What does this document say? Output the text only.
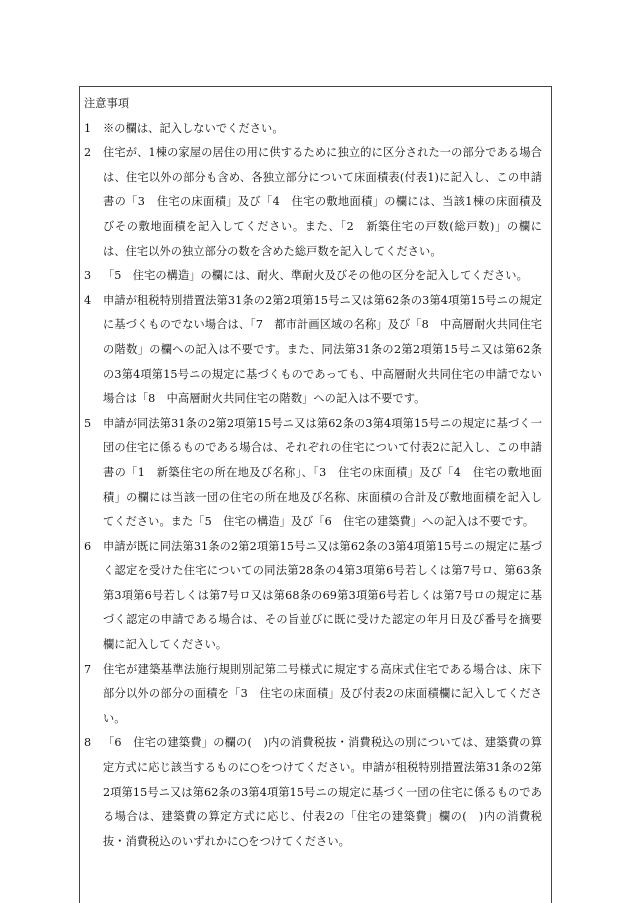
注意事項
1	※の欄は、記入しないでください。
2	住宅が、1棟の家屋の居住の用に供するために独立的に区分された一の部分である場合は、住宅以外の部分も含め、各独立部分について床面積表(付表1)に記入し、この申請書の「3　住宅の床面積」及び「4　住宅の敷地面積」の欄には、当該1棟の床面積及びその敷地面積を記入してください。また、「2　新築住宅の戸数(総戸数)」の欄には、住宅以外の独立部分の数を含めた総戸数を記入してください。
3	「5　住宅の構造」の欄には、耐火、準耐火及びその他の区分を記入してください。
4	申請が租税特別措置法第31条の2第2項第15号ニ又は第62条の3第4項第15号ニの規定に基づくものでない場合は、「7　都市計画区域の名称」及び「8　中高層耐火共同住宅の階数」の欄への記入は不要です。また、同法第31条の2第2項第15号ニ又は第62条の3第4項第15号ニの規定に基づくものであっても、中高層耐火共同住宅の申請でない場合は「8　中高層耐火共同住宅の階数」への記入は不要です。
5	申請が同法第31条の2第2項第15号ニ又は第62条の3第4項第15号ニの規定に基づく一団の住宅に係るものである場合は、それぞれの住宅について付表2に記入し、この申請書の「1　新築住宅の所在地及び名称」、「3　住宅の床面積」及び「4　住宅の敷地面積」の欄には当該一団の住宅の所在地及び名称、床面積の合計及び敷地面積を記入してください。また「5　住宅の構造」及び「6　住宅の建築費」への記入は不要です。
6	申請が既に同法第31条の2第2項第15号ニ又は第62条の3第4項第15号ニの規定に基づく認定を受けた住宅についての同法第28条の4第3項第6号若しくは第7号ロ、第63条第3項第6号若しくは第7号ロ又は第68条の69第3項第6号若しくは第7号ロの規定に基づく認定の申請である場合は、その旨並びに既に受けた認定の年月日及び番号を摘要欄に記入してください。
7	住宅が建築基準法施行規則別記第二号様式に規定する高床式住宅である場合は、床下部分以外の部分の面積を「3　住宅の床面積」及び付表2の床面積欄に記入してください。
8	「6　住宅の建築費」の欄の(　)内の消費税抜・消費税込の別については、建築費の算定方式に応じ該当するものに○をつけてください。申請が租税特別措置法第31条の2第2項第15号ニ又は第62条の3第4項第15号ニの規定に基づく一団の住宅に係るものである場合は、建築費の算定方式に応じ、付表2の「住宅の建築費」欄の(　)内の消費税抜・消費税込のいずれかに○をつけてください。
